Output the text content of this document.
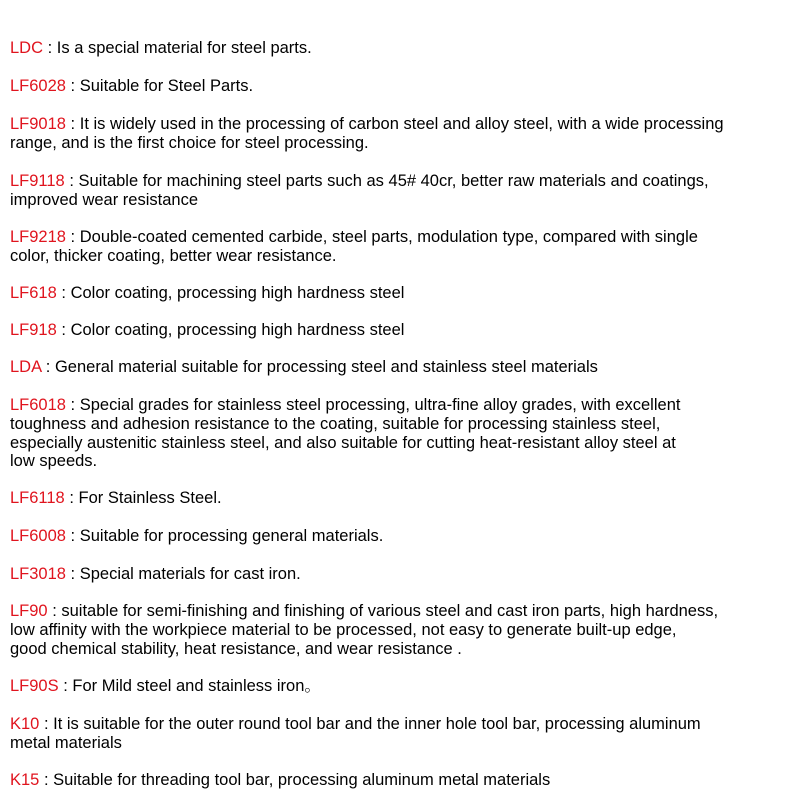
LDC : Is a special material for steel parts.
LF6028 : Suitable for Steel Parts.
LF9018 : It is widely used in the processing of carbon steel and alloy steel, with a wide processing
range, and is the first choice for steel processing.
LF9118 : Suitable for machining steel parts such as 45# 40cr, better raw materials and coatings,
improved wear resistance
LF9218 : Double-coated cemented carbide, steel parts, modulation type, compared with single
color, thicker coating, better wear resistance.
LF618 : Color coating, processing high hardness steel
LF918 : Color coating, processing high hardness steel
LDA : General material suitable for processing steel and stainless steel materials
LF6018 : Special grades for stainless steel processing, ultra-fine alloy grades, with excellent
toughness and adhesion resistance to the coating, suitable for processing stainless steel,
especially austenitic stainless steel, and also suitable for cutting heat-resistant alloy steel at
low speeds.
LF6118 : For Stainless Steel.
LF6008 : Suitable for processing general materials.
LF3018 : Special materials for cast iron.
LF90 : suitable for semi-finishing and finishing of various steel and cast iron parts, high hardness,
low affinity with the workpiece material to be processed, not easy to generate built-up edge,
good chemical stability, heat resistance, and wear resistance .
LF90S : For Mild steel and stainless iron。
K10 : It is suitable for the outer round tool bar and the inner hole tool bar, processing aluminum
metal materials
K15 : Suitable for threading tool bar, processing aluminum metal materials
